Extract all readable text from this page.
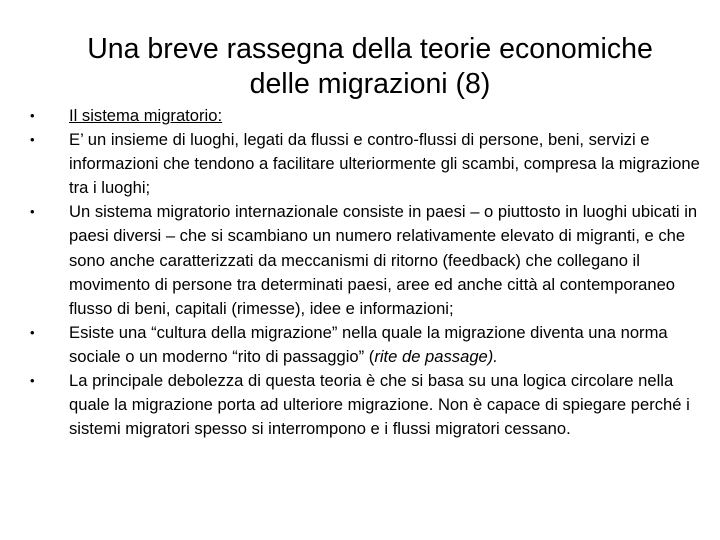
Una breve rassegna della teorie economiche
delle migrazioni (8)
• Il sistema migratorio:
• E’ un insieme di luoghi, legati da flussi e contro-flussi di persone, beni, servizi e informazioni che tendono a facilitare ulteriormente gli scambi, compresa la migrazione tra i luoghi;
• Un sistema migratorio internazionale consiste in paesi – o piuttosto in luoghi ubicati in paesi diversi – che si scambiano un numero relativamente elevato di migranti, e che sono anche caratterizzati da meccanismi di ritorno (feedback) che collegano il movimento di persone tra determinati paesi, aree ed anche città al contemporaneo flusso di beni, capitali (rimesse), idee e informazioni;
• Esiste una “cultura della migrazione” nella quale la migrazione diventa una norma sociale o un moderno “rito di passaggio” (rite de passage).
• La principale debolezza di questa teoria è che si basa su una logica circolare nella quale la migrazione porta ad ulteriore migrazione. Non è capace di spiegare perché i sistemi migratori spesso si interrompono e i flussi migratori cessano.
